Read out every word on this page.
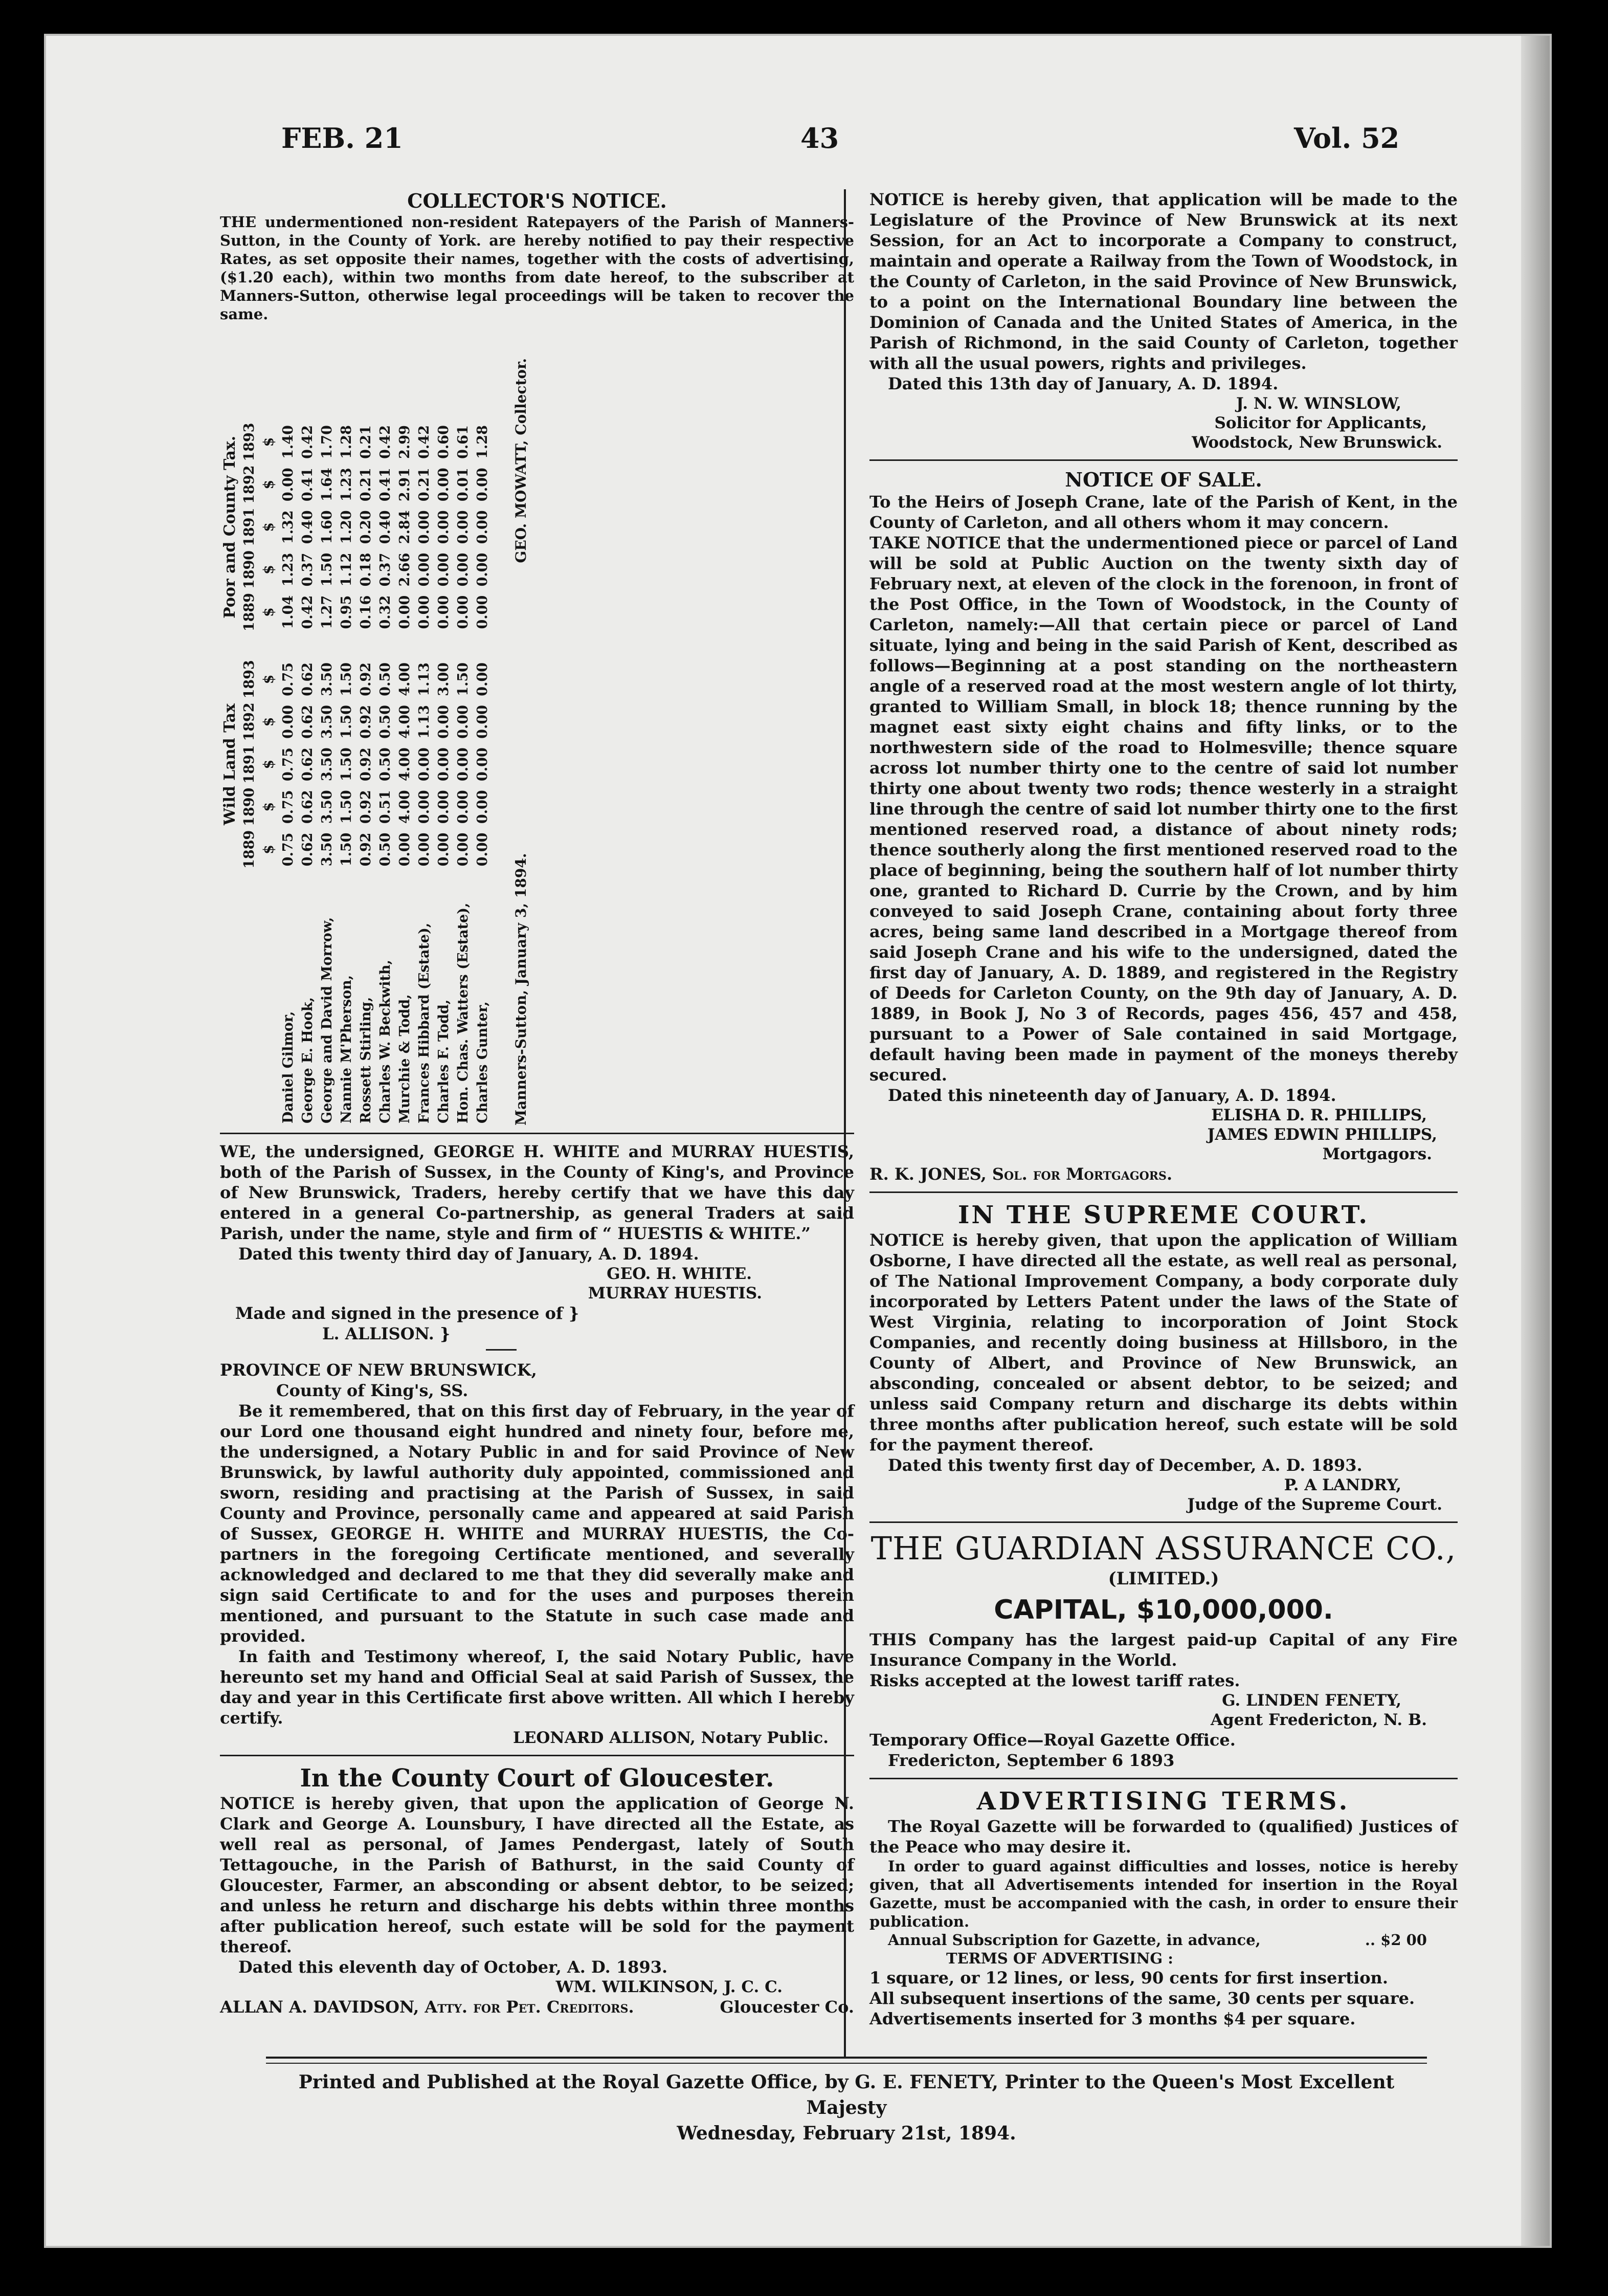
FEB. 21	43	Vol. 52

COLLECTOR'S NOTICE.

THE undermentioned non-resident Ratepayers of the Parish of Manners-Sutton, in the County of York. are hereby notified to pay their respective Rates, as set opposite their names, together with the costs of advertising, ($1.20 each), within two months from date hereof, to the subscriber at Manners-Sutton, otherwise legal proceedings will be taken to recover the same.

	Wild Land Tax						Poor and County Tax.				
	1889	1890	1891	1892	1893		1889	1890	1891	1892	1893
	$	$	$	$	$		$	$	$	$	$
Daniel Gilmor,	0.75	0.75	0.75	0.00	0.75		1.04	1.23	1.32	0.00	1.40
George E. Hook,	0.62	0.62	0.62	0.62	0.62		0.42	0.37	0.40	0.41	0.42
George and David Morrow,	3.50	3.50	3.50	3.50	3.50		1.27	1.50	1.60	1.64	1.70
Nannie M'Pherson,	1.50	1.50	1.50	1.50	1.50		0.95	1.12	1.20	1.23	1.28
Rossett Stirling,	0.92	0.92	0.92	0.92	0.92		0.16	0.18	0.20	0.21	0.21
Charles W. Beckwith,	0.50	0.51	0.50	0.50	0.50		0.32	0.37	0.40	0.41	0.42
Murchie & Todd,	0.00	4.00	4.00	4.00	4.00		0.00	2.66	2.84	2.91	2.99
Frances Hibbard (Estate),	0.00	0.00	0.00	1.13	1.13		0.00	0.00	0.00	0.21	0.42
Charles F. Todd,	0.00	0.00	0.00	0.00	3.00		0.00	0.00	0.00	0.00	0.60
Hon. Chas. Watters (Estate),	0.00	0.00	0.00	0.00	1.50		0.00	0.00	0.00	0.01	0.61
Charles Gunter,	0.00	0.00	0.00	0.00	0.00		0.00	0.00	0.00	0.00	1.28
Manners-Sutton, January 3, 1894.
GEO. MOWATT, Collector.

WE, the undersigned, GEORGE H. WHITE and MURRAY HUESTIS, both of the Parish of Sussex, in the County of King's, and Province of New Brunswick, Traders, hereby certify that we have this day entered in a general Co-partnership, as general Traders at said Parish, under the name, style and firm of “ HUESTIS & WHITE.”

Dated this twenty third day of January, A. D. 1894.

GEO. H. WHITE.

MURRAY HUESTIS.

Made and signed in the presence of }

L. ALLISON. }

PROVINCE OF NEW BRUNSWICK,

County of King's, SS.

Be it remembered, that on this first day of February, in the year of our Lord one thousand eight hundred and ninety four, before me, the undersigned, a Notary Public in and for said Province of New Brunswick, by lawful authority duly appointed, commissioned and sworn, residing and practising at the Parish of Sussex, in said County and Province, personally came and appeared at said Parish of Sussex, GEORGE H. WHITE and MURRAY HUESTIS, the Co-partners in the foregoing Certificate mentioned, and severally acknowledged and declared to me that they did severally make and sign said Certificate to and for the uses and purposes therein mentioned, and pursuant to the Statute in such case made and provided.

In faith and Testimony whereof, I, the said Notary Public, have hereunto set my hand and Official Seal at said Parish of Sussex, the day and year in this Certificate first above written. All which I hereby certify.

LEONARD ALLISON, Notary Public.

In the County Court of Gloucester.

NOTICE is hereby given, that upon the application of George N. Clark and George A. Lounsbury, I have directed all the Estate, as well real as personal, of James Pendergast, lately of South Tettagouche, in the Parish of Bathurst, in the said County of Gloucester, Farmer, an absconding or absent debtor, to be seized; and unless he return and discharge his debts within three months after publication hereof, such estate will be sold for the payment thereof.

Dated this eleventh day of October, A. D. 1893.

WM. WILKINSON, J. C. C.

ALLAN A. DAVIDSON, Atty. for Pet. Creditors.	Gloucester Co.

NOTICE is hereby given, that application will be made to the Legislature of the Province of New Brunswick at its next Session, for an Act to incorporate a Company to construct, maintain and operate a Railway from the Town of Woodstock, in the County of Carleton, in the said Province of New Brunswick, to a point on the International Boundary line between the Dominion of Canada and the United States of America, in the Parish of Richmond, in the said County of Carleton, together with all the usual powers, rights and privileges.

Dated this 13th day of January, A. D. 1894.

J. N. W. WINSLOW,

Solicitor for Applicants,

Woodstock, New Brunswick.

NOTICE OF SALE.

To the Heirs of Joseph Crane, late of the Parish of Kent, in the County of Carleton, and all others whom it may concern.

TAKE NOTICE that the undermentioned piece or parcel of Land will be sold at Public Auction on the twenty sixth day of February next, at eleven of the clock in the forenoon, in front of the Post Office, in the Town of Woodstock, in the County of Carleton, namely:—All that certain piece or parcel of Land situate, lying and being in the said Parish of Kent, described as follows—Beginning at a post standing on the northeastern angle of a reserved road at the most western angle of lot thirty, granted to William Small, in block 18; thence running by the magnet east sixty eight chains and fifty links, or to the northwestern side of the road to Holmesville; thence square across lot number thirty one to the centre of said lot number thirty one about twenty two rods; thence westerly in a straight line through the centre of said lot number thirty one to the first mentioned reserved road, a distance of about ninety rods; thence southerly along the first mentioned reserved road to the place of beginning, being the southern half of lot number thirty one, granted to Richard D. Currie by the Crown, and by him conveyed to said Joseph Crane, containing about forty three acres, being same land described in a Mortgage thereof from said Joseph Crane and his wife to the undersigned, dated the first day of January, A. D. 1889, and registered in the Registry of Deeds for Carleton County, on the 9th day of January, A. D. 1889, in Book J, No 3 of Records, pages 456, 457 and 458, pursuant to a Power of Sale contained in said Mortgage, default having been made in payment of the moneys thereby secured.

Dated this nineteenth day of January, A. D. 1894.

ELISHA D. R. PHILLIPS,

JAMES EDWIN PHILLIPS,

Mortgagors.

R. K. JONES, Sol. for Mortgagors.

IN THE SUPREME COURT.

NOTICE is hereby given, that upon the application of William Osborne, I have directed all the estate, as well real as personal, of The National Improvement Company, a body corporate duly incorporated by Letters Patent under the laws of the State of West Virginia, relating to incorporation of Joint Stock Companies, and recently doing business at Hillsboro, in the County of Albert, and Province of New Brunswick, an absconding, concealed or absent debtor, to be seized; and unless said Company return and discharge its debts within three months after publication hereof, such estate will be sold for the payment thereof.

Dated this twenty first day of December, A. D. 1893.

P. A LANDRY,

Judge of the Supreme Court.

THE GUARDIAN ASSURANCE CO.,

(LIMITED.)

CAPITAL, $10,000,000.

THIS Company has the largest paid-up Capital of any Fire Insurance Company in the World.

Risks accepted at the lowest tariff rates.

G. LINDEN FENETY,

Agent Fredericton, N. B.

Temporary Office—Royal Gazette Office.

Fredericton, September 6 1893

ADVERTISING TERMS.

The Royal Gazette will be forwarded to (qualified) Justices of the Peace who may desire it.

In order to guard against difficulties and losses, notice is hereby given, that all Advertisements intended for insertion in the Royal Gazette, must be accompanied with the cash, in order to ensure their publication.

Annual Subscription for Gazette, in advance,	.. $2 00

TERMS OF ADVERTISING :

1 square, or 12 lines, or less, 90 cents for first insertion.

All subsequent insertions of the same, 30 cents per square.

Advertisements inserted for 3 months $4 per square.

Printed and Published at the Royal Gazette Office, by G. E. FENETY, Printer to the Queen's Most Excellent Majesty
Wednesday, February 21st, 1894.
